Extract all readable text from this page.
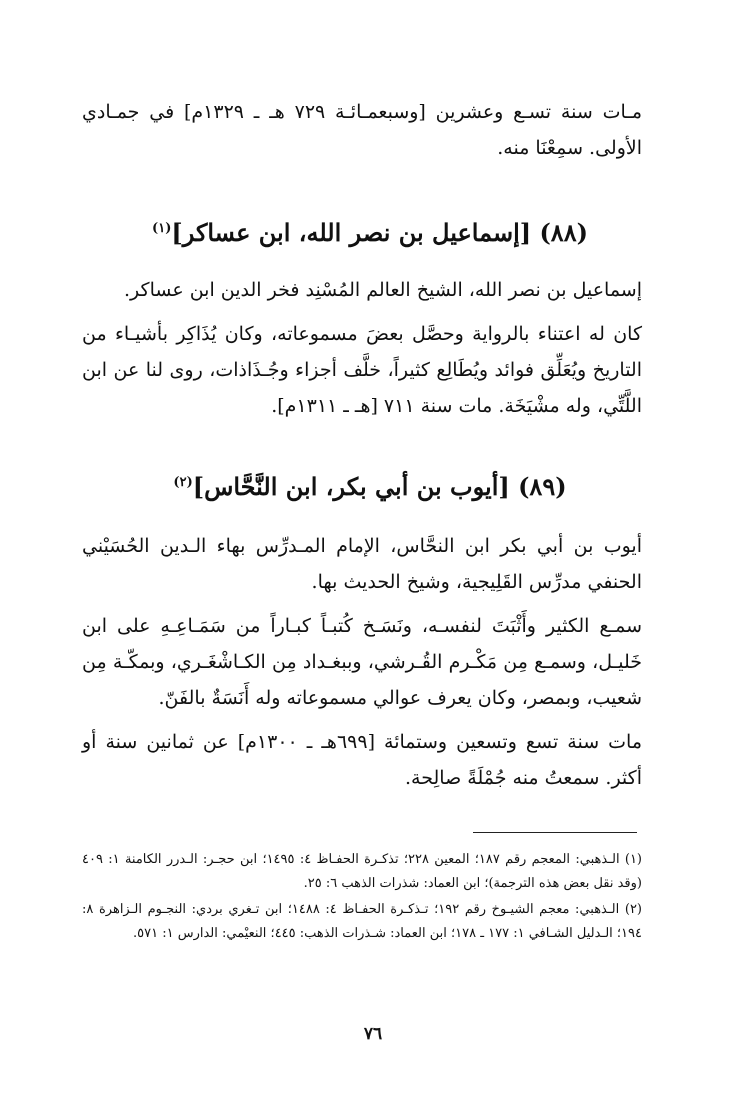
مـات سنة تسـع وعشرين [وسبعمـائـة ٧٢٩ هـ ـ ١٣٢٩م] في جمـادي الأولى. سمِعْنَا منه.

(٨٨) [إسماعيل بن نصر الله، ابن عساكر]$^{(١)}$

إسماعيل بن نصر الله، الشيخ العالم المُسْنِد فخر الدين ابن عساكر.

كان له اعتناء بالرواية وحصَّل بعضَ مسموعاته، وكان يُذَاكِر بأشيـاء من التاريخ ويُعَلِّق فوائد ويُطَالِع كثيراً، خلَّف أجزاء وجُـذَاذات، روى لنا عن ابن اللَّتِّي، وله مشْيَخَة. مات سنة ٧١١ [هـ ـ ١٣١١م].

(٨٩) [أيوب بن أبي بكر، ابن النَّحَّاس]$^{(٢)}$

أيوب بن أبي بكر ابن النحَّاس، الإمام المـدرِّس بهاء الـدين الحُسَيْني الحنفي مدرِّس القَلِيجية، وشيخ الحديث بها.

سمـع الكثير وأَثْبَتَ لنفسـه، ونَسَـخ كُتبـاً كبـاراً من سَمَـاعِـهِ على ابن خَليـل، وسمـع مِن مَكْـرم القُـرشي، وببغـداد مِن الكـاشْغَـري، وبمكّـة مِن شعيب، وبمصر، وكان يعرف عوالي مسموعاته وله أَنَسَةٌ بالفَنّ.

مات سنة تسع وتسعين وستمائة [٦٩٩هـ ـ ١٣٠٠م] عن ثمانين سنة أو أكثر. سمعتُ منه جُمْلَةً صالِحة.

(١) الـذهبي: المعجم رقم ١٨٧؛ المعين ٢٢٨؛ تذكـرة الحفـاظ ٤: ١٤٩٥؛ ابن حجـر: الـدرر الكامنة ١: ٤٠٩ (وقد نقل بعض هذه الترجمة)؛ ابن العماد: شذرات الذهب ٦: ٢٥.

(٢) الـذهبي: معجم الشيـوخ رقم ١٩٢؛ تـذكـرة الحفـاظ ٤: ١٤٨٨؛ ابن تـغري بردي: النجـوم الـزاهرة ٨: ١٩٤؛ الـدليل الشـافي ١: ١٧٧ ـ ١٧٨؛ ابن العماد: شـذرات الذهب: ٤٤٥؛ النعيْمي: الدارس ١: ٥٧١.

٧٦
